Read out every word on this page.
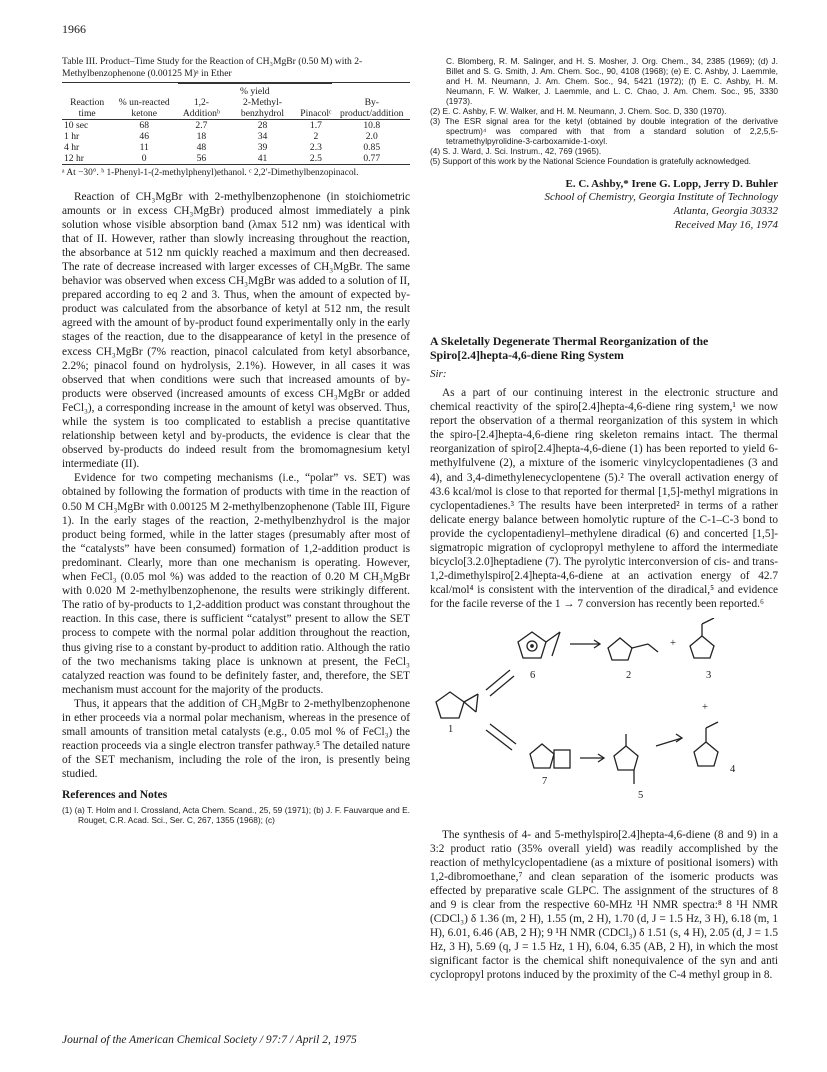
1966

Table III. Product–Time Study for the Reaction of CH₃MgBr (0.50 M) with 2-Methylbenzophenone (0.00125 M)ᵃ in Ether

		% yield			

Reaction time	% un-reacted ketone	1,2-Additionᵇ	2-Methyl-benzhydrol	Pinacolᶜ	By-product/addition
10 sec	68	2.7	28	1.7	10.8
1 hr	46	18	34	2	2.0
4 hr	11	48	39	2.3	0.85
12 hr	0	56	41	2.5	0.77
ᵃ At −30°. ᵇ 1-Phenyl-1-(2-methylphenyl)ethanol. ᶜ 2,2′-Dimethylbenzopinacol.

Reaction of CH₃MgBr with 2-methylbenzophenone (in stoichiometric amounts or in excess CH₃MgBr) produced almost immediately a pink solution whose visible absorption band (λmax 512 nm) was identical with that of II. However, rather than slowly increasing throughout the reaction, the absorbance at 512 nm quickly reached a maximum and then decreased. The rate of decrease increased with larger excesses of CH₃MgBr. The same behavior was observed when excess CH₃MgBr was added to a solution of II, prepared according to eq 2 and 3. Thus, when the amount of expected by-product was calculated from the absorbance of ketyl at 512 nm, the result agreed with the amount of by-product found experimentally only in the early stages of the reaction, due to the disappearance of ketyl in the presence of excess CH₃MgBr (7% reaction, pinacol calculated from ketyl absorbance, 2.2%; pinacol found on hydrolysis, 2.1%). However, in all cases it was observed that when conditions were such that increased amounts of by-products were observed (increased amounts of excess CH₃MgBr or added FeCl₃), a corresponding increase in the amount of ketyl was observed. Thus, while the system is too complicated to establish a precise quantitative relationship between ketyl and by-products, the evidence is clear that the observed by-products do indeed result from the bromomagnesium ketyl intermediate (II).

Evidence for two competing mechanisms (i.e., “polar” vs. SET) was obtained by following the formation of products with time in the reaction of 0.50 M CH₃MgBr with 0.00125 M 2-methylbenzophenone (Table III, Figure 1). In the early stages of the reaction, 2-methylbenzhydrol is the major product being formed, while in the latter stages (presumably after most of the “catalysts” have been consumed) formation of 1,2-addition product is predominant. Clearly, more than one mechanism is operating. However, when FeCl₃ (0.05 mol %) was added to the reaction of 0.20 M CH₃MgBr with 0.020 M 2-methylbenzophenone, the results were strikingly different. The ratio of by-products to 1,2-addition product was constant throughout the reaction. In this case, there is sufficient “catalyst” present to allow the SET process to compete with the normal polar addition throughout the reaction, thus giving rise to a constant by-product to addition ratio. Although the ratio of the two mechanisms taking place is unknown at present, the FeCl₃ catalyzed reaction was found to be definitely faster, and, therefore, the SET mechanism must account for the majority of the products.

Thus, it appears that the addition of CH₃MgBr to 2-methylbenzophenone in ether proceeds via a normal polar mechanism, whereas in the presence of small amounts of transition metal catalysts (e.g., 0.05 mol % of FeCl₃) the reaction proceeds via a single electron transfer pathway.⁵ The detailed nature of the SET mechanism, including the role of the iron, is presently being studied.

References and Notes

(1) (a) T. Holm and I. Crossland, Acta Chem. Scand., 25, 59 (1971); (b) J. F. Fauvarque and E. Rouget, C.R. Acad. Sci., Ser. C, 267, 1355 (1968); (c)

C. Blomberg, R. M. Salinger, and H. S. Mosher, J. Org. Chem., 34, 2385 (1969); (d) J. Billet and S. G. Smith, J. Am. Chem. Soc., 90, 4108 (1968); (e) E. C. Ashby, J. Laemmle, and H. M. Neumann, J. Am. Chem. Soc., 94, 5421 (1972); (f) E. C. Ashby, H. M. Neumann, F. W. Walker, J. Laemmle, and L. C. Chao, J. Am. Chem. Soc., 95, 3330 (1973).

(2) E. C. Ashby, F. W. Walker, and H. M. Neumann, J. Chem. Soc. D, 330 (1970).

(3) The ESR signal area for the ketyl (obtained by double integration of the derivative spectrum)⁴ was compared with that from a standard solution of 2,2,5,5-tetramethylpyrolidine-3-carboxamide-1-oxyl.

(4) S. J. Ward, J. Sci. Instrum., 42, 769 (1965).

(5) Support of this work by the National Science Foundation is gratefully acknowledged.

E. C. Ashby,* Irene G. Lopp, Jerry D. Buhler
School of Chemistry, Georgia Institute of Technology
Atlanta, Georgia 30332
Received May 16, 1974
A Skeletally Degenerate Thermal Reorganization of the Spiro[2.4]hepta-4,6-diene Ring System

Sir:

As a part of our continuing interest in the electronic structure and chemical reactivity of the spiro[2.4]hepta-4,6-diene ring system,¹ we now report the observation of a thermal reorganization of this system in which the spiro-[2.4]hepta-4,6-diene ring skeleton remains intact. The thermal reorganization of spiro[2.4]hepta-4,6-diene (1) has been reported to yield 6-methylfulvene (2), a mixture of the isomeric vinylcyclopentadienes (3 and 4), and 3,4-dimethylenecyclopentene (5).² The overall activation energy of 43.6 kcal/mol is close to that reported for thermal [1,5]-methyl migrations in cyclopentadienes.³ The results have been interpreted² in terms of a rather delicate energy balance between homolytic rupture of the C-1–C-3 bond to provide the cyclopentadienyl–methylene diradical (6) and concerted [1,5]-sigmatropic migration of cyclopropyl methylene to afford the intermediate bicyclo[3.2.0]heptadiene (7). The pyrolytic interconversion of cis- and trans-1,2-dimethylspiro[2.4]hepta-4,6-diene at an activation energy of 42.7 kcal/mol⁴ is consistent with the intervention of the diradical,⁵ and evidence for the facile reverse of the 1 → 7 conversion has recently been reported.⁶

6	2	3
1
+
+
7
5
4

The synthesis of 4- and 5-methylspiro[2.4]hepta-4,6-diene (8 and 9) in a 3:2 product ratio (35% overall yield) was readily accomplished by the reaction of methylcyclopentadiene (as a mixture of positional isomers) with 1,2-dibromoethane,⁷ and clean separation of the isomeric products was effected by preparative scale GLPC. The assignment of the structures of 8 and 9 is clear from the respective 60-MHz ¹H NMR spectra:⁸ 8 ¹H NMR (CDCl₃) δ 1.36 (m, 2 H), 1.55 (m, 2 H), 1.70 (d, J = 1.5 Hz, 3 H), 6.18 (m, 1 H), 6.01, 6.46 (AB, 2 H); 9 ¹H NMR (CDCl₃) δ 1.51 (s, 4 H), 2.05 (d, J = 1.5 Hz, 3 H), 5.69 (q, J = 1.5 Hz, 1 H), 6.04, 6.35 (AB, 2 H), in which the most significant factor is the chemical shift nonequivalence of the syn and anti cyclopropyl protons induced by the proximity of the C-4 methyl group in 8.

Journal of the American Chemical Society / 97:7 / April 2, 1975
